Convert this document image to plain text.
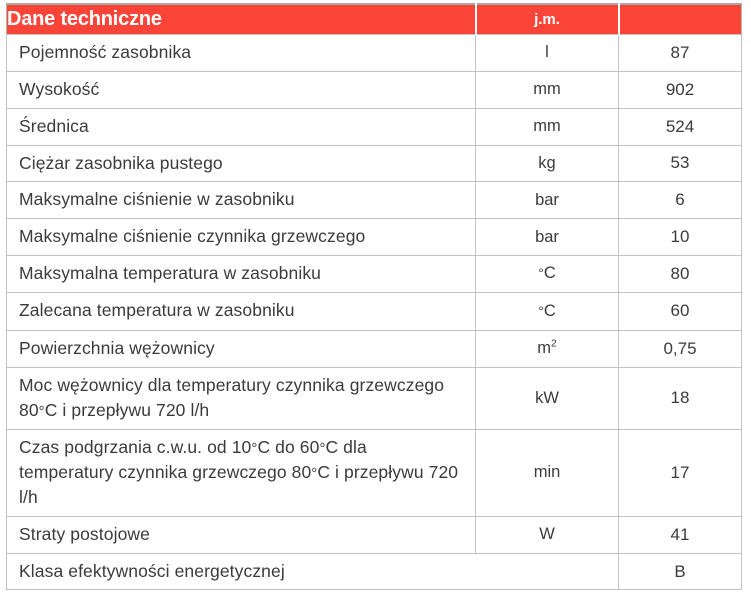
Dane techniczne	j.m.	
Pojemność zasobnika	l	87
Wysokość	mm	902
Średnica	mm	524
Ciężar zasobnika pustego	kg	53
Maksymalne ciśnienie w zasobniku	bar	6
Maksymalne ciśnienie czynnika grzewczego	bar	10
Maksymalna temperatura w zasobniku	°C	80
Zalecana temperatura w zasobniku	°C	60
Powierzchnia wężownicy	$m^2$	0,75
Moc wężownicy dla temperatury czynnika grzewczego 80°C i przepływu 720 l/h	kW	18
Czas podgrzania c.w.u. od 10°C do 60°C dla temperatury czynnika grzewczego 80°C i przepływu 720 l/h	min	17
Straty postojowe	W	41
Klasa efektywności energetycznej		B
